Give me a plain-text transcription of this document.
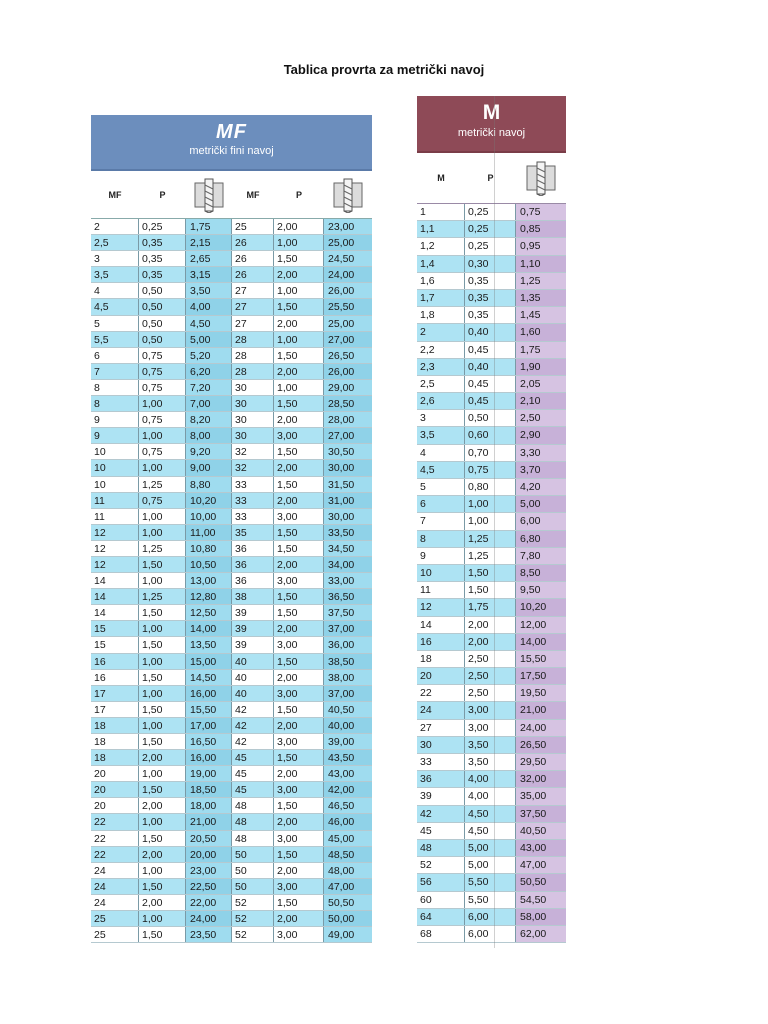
Tablica provrta za metrički navoj
MF
metrički fini navoj
MF	P	MF	P
2	0,25	1,75	25	2,00	23,00
2,5	0,35	2,15	26	1,00	25,00
3	0,35	2,65	26	1,50	24,50
3,5	0,35	3,15	26	2,00	24,00
4	0,50	3,50	27	1,00	26,00
4,5	0,50	4,00	27	1,50	25,50
5	0,50	4,50	27	2,00	25,00
5,5	0,50	5,00	28	1,00	27,00
6	0,75	5,20	28	1,50	26,50
7	0,75	6,20	28	2,00	26,00
8	0,75	7,20	30	1,00	29,00
8	1,00	7,00	30	1,50	28,50
9	0,75	8,20	30	2,00	28,00
9	1,00	8,00	30	3,00	27,00
10	0,75	9,20	32	1,50	30,50
10	1,00	9,00	32	2,00	30,00
10	1,25	8,80	33	1,50	31,50
11	0,75	10,20	33	2,00	31,00
11	1,00	10,00	33	3,00	30,00
12	1,00	11,00	35	1,50	33,50
12	1,25	10,80	36	1,50	34,50
12	1,50	10,50	36	2,00	34,00
14	1,00	13,00	36	3,00	33,00
14	1,25	12,80	38	1,50	36,50
14	1,50	12,50	39	1,50	37,50
15	1,00	14,00	39	2,00	37,00
15	1,50	13,50	39	3,00	36,00
16	1,00	15,00	40	1,50	38,50
16	1,50	14,50	40	2,00	38,00
17	1,00	16,00	40	3,00	37,00
17	1,50	15,50	42	1,50	40,50
18	1,00	17,00	42	2,00	40,00
18	1,50	16,50	42	3,00	39,00
18	2,00	16,00	45	1,50	43,50
20	1,00	19,00	45	2,00	43,00
20	1,50	18,50	45	3,00	42,00
20	2,00	18,00	48	1,50	46,50
22	1,00	21,00	48	2,00	46,00
22	1,50	20,50	48	3,00	45,00
22	2,00	20,00	50	1,50	48,50
24	1,00	23,00	50	2,00	48,00
24	1,50	22,50	50	3,00	47,00
24	2,00	22,00	52	1,50	50,50
25	1,00	24,00	52	2,00	50,00
25	1,50	23,50	52	3,00	49,00
M
metrički navoj
M	P
1	0,25	0,75
1,1	0,25	0,85
1,2	0,25	0,95
1,4	0,30	1,10
1,6	0,35	1,25
1,7	0,35	1,35
1,8	0,35	1,45
2	0,40	1,60
2,2	0,45	1,75
2,3	0,40	1,90
2,5	0,45	2,05
2,6	0,45	2,10
3	0,50	2,50
3,5	0,60	2,90
4	0,70	3,30
4,5	0,75	3,70
5	0,80	4,20
6	1,00	5,00
7	1,00	6,00
8	1,25	6,80
9	1,25	7,80
10	1,50	8,50
11	1,50	9,50
12	1,75	10,20
14	2,00	12,00
16	2,00	14,00
18	2,50	15,50
20	2,50	17,50
22	2,50	19,50
24	3,00	21,00
27	3,00	24,00
30	3,50	26,50
33	3,50	29,50
36	4,00	32,00
39	4,00	35,00
42	4,50	37,50
45	4,50	40,50
48	5,00	43,00
52	5,00	47,00
56	5,50	50,50
60	5,50	54,50
64	6,00	58,00
68	6,00	62,00
